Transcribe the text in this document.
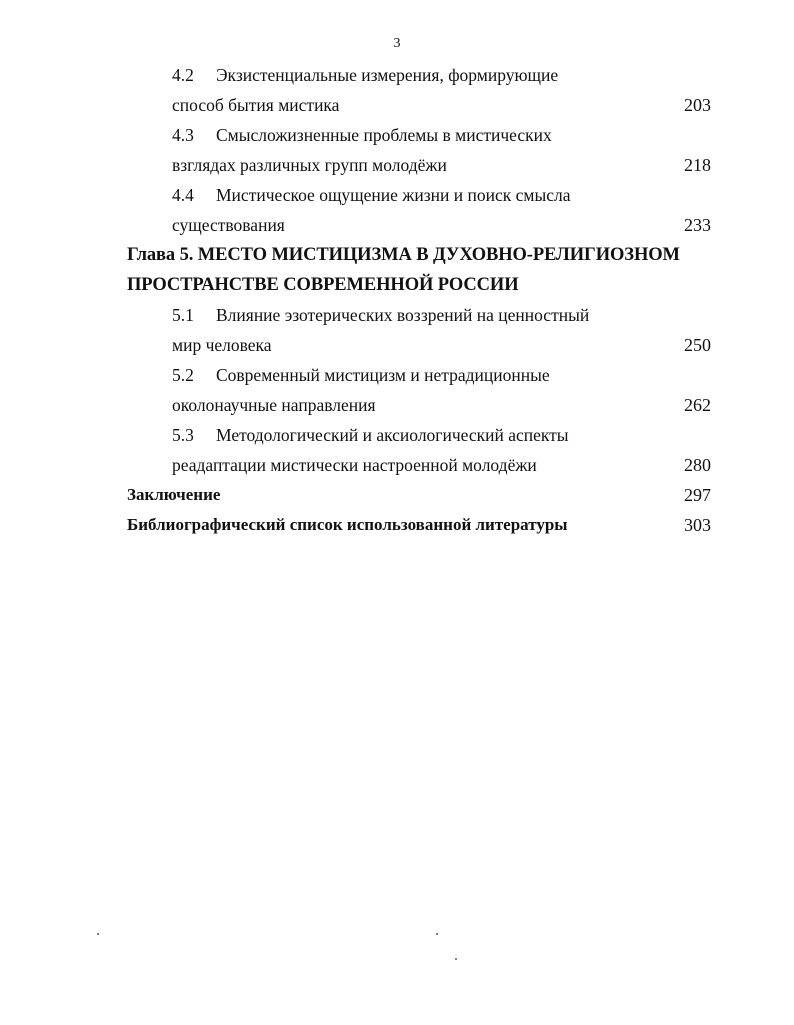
3
4.2 Экзистенциальные измерения, формирующие
способ бытия мистика	203
4.3 Смысложизненные проблемы в мистических
взглядах различных групп молодёжи	218
4.4 Мистическое ощущение жизни и поиск смысла
существования	233
Глава 5. МЕСТО МИСТИЦИЗМА В ДУХОВНО-РЕЛИГИОЗНОМ
ПРОСТРАНСТВЕ СОВРЕМЕННОЙ РОССИИ
5.1 Влияние эзотерических воззрений на ценностный
мир человека	250
5.2 Современный мистицизм и нетрадиционные
околонаучные направления	262
5.3 Методологический и аксиологический аспекты
реадаптации мистически настроенной молодёжи	280
Заключение	297
Библиографический список использованной литературы	303
